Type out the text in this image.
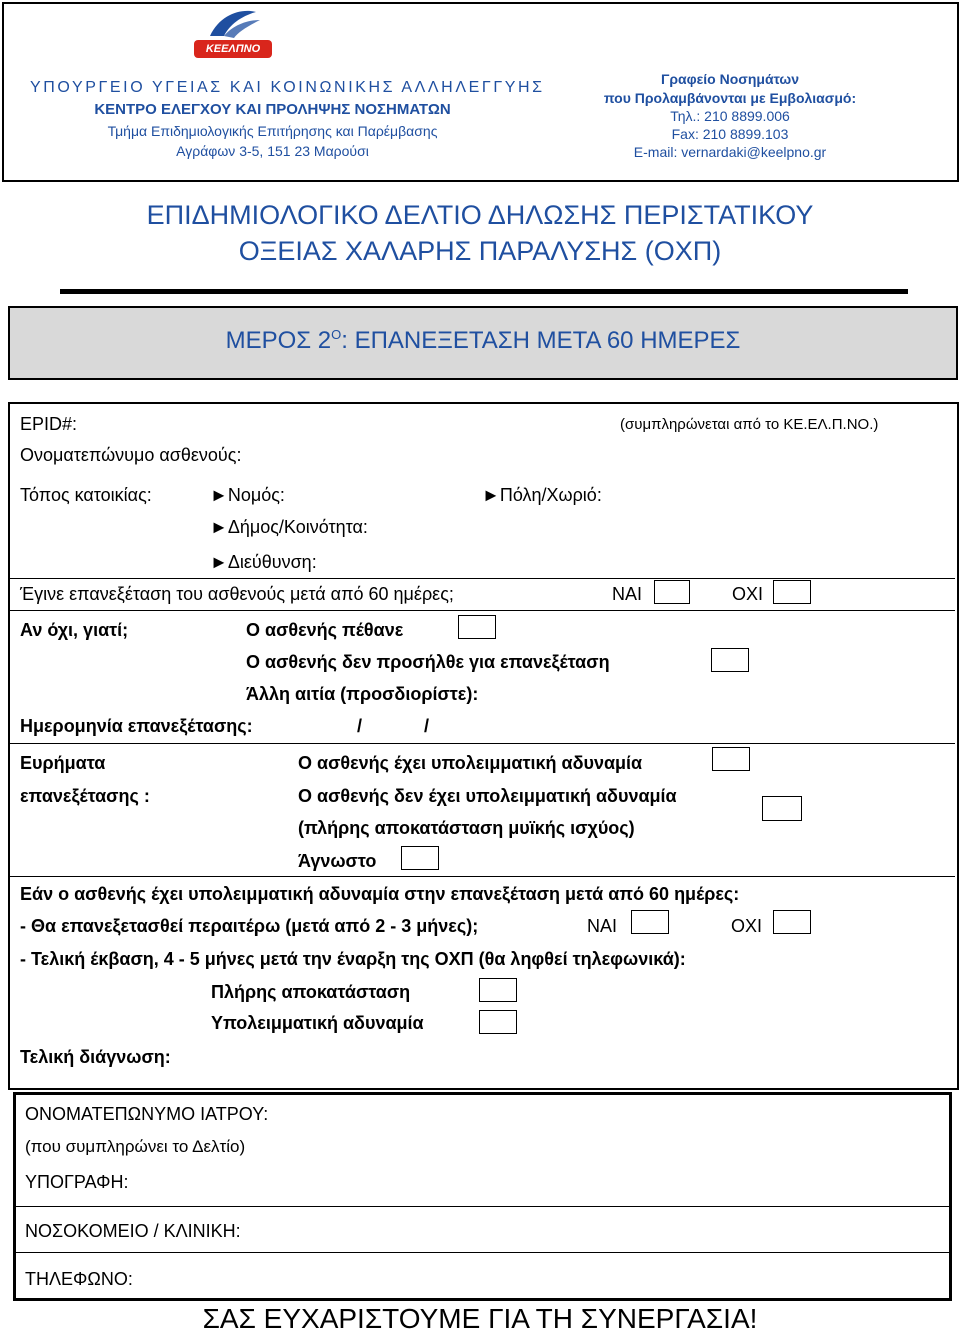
ΚΕΕΛΠΝΟ
ΥΠΟΥΡΓΕΙΟ ΥΓΕΙΑΣ ΚΑΙ ΚΟΙΝΩΝΙΚΗΣ ΑΛΛΗΛΕΓΓΥΗΣ
ΚΕΝΤΡΟ ΕΛΕΓΧΟΥ ΚΑΙ ΠΡΟΛΗΨΗΣ ΝΟΣΗΜΑΤΩΝ
Τμήμα Επιδημιολογικής Επιτήρησης και Παρέμβασης
Αγράφων 3-5, 151 23 Μαρούσι
Γραφείο Νοσημάτων
που Προλαμβάνονται με Εμβολιασμό:
Τηλ.: 210 8899.006
Fax: 210 8899.103
E-mail: vernardaki@keelpno.gr
ΕΠΙΔΗΜΙΟΛΟΓΙΚΟ ΔΕΛΤΙΟ ΔΗΛΩΣΗΣ ΠΕΡΙΣΤΑΤΙΚΟΥ
ΟΞΕΙΑΣ ΧΑΛΑΡΗΣ ΠΑΡΑΛΥΣΗΣ (ΟΧΠ)
ΜΕΡΟΣ $2^O$: ΕΠΑΝΕΞΕΤΑΣΗ ΜΕΤΑ 60 ΗΜΕΡΕΣ
EPID#:	(συμπληρώνεται από το ΚΕ.ΕΛ.Π.ΝΟ.)
Ονοματεπώνυμο ασθενούς:
Τόπος κατοικίας:	►Νομός:	►Πόλη/Χωριό:
►Δήμος/Κοινότητα:
►Διεύθυνση:
Έγινε επανεξέταση του ασθενούς μετά από 60 ημέρες;	ΝΑΙ	ΟΧΙ
Αν όχι, γιατί;	Ο ασθενής πέθανε
Ο ασθενής δεν προσήλθε για επανεξέταση
Άλλη αιτία (προσδιορίστε):
Ημερομηνία επανεξέτασης:	/	/
Ευρήματα
επανεξέτασης :
Ο ασθενής έχει υπολειμματική αδυναμία
Ο ασθενής δεν έχει υπολειμματική αδυναμία
(πλήρης αποκατάσταση μυϊκής ισχύος)
Άγνωστο
Εάν ο ασθενής έχει υπολειμματική αδυναμία στην επανεξέταση μετά από 60 ημέρες:
- Θα επανεξετασθεί περαιτέρω (μετά από 2 - 3 μήνες);	ΝΑΙ	ΟΧΙ
- Τελική έκβαση, 4 - 5 μήνες μετά την έναρξη της ΟΧΠ (θα ληφθεί τηλεφωνικά):
Πλήρης αποκατάσταση
Υπολειμματική αδυναμία
Τελική διάγνωση:
ΟΝΟΜΑΤΕΠΩΝΥΜΟ ΙΑΤΡΟΥ:
(που συμπληρώνει το Δελτίο)
ΥΠΟΓΡΑΦΗ:
ΝΟΣΟΚΟΜΕΙΟ / ΚΛΙΝΙΚΗ:
ΤΗΛΕΦΩΝΟ:
ΣΑΣ ΕΥΧΑΡΙΣΤΟΥΜΕ ΓΙΑ ΤΗ ΣΥΝΕΡΓΑΣΙΑ!
